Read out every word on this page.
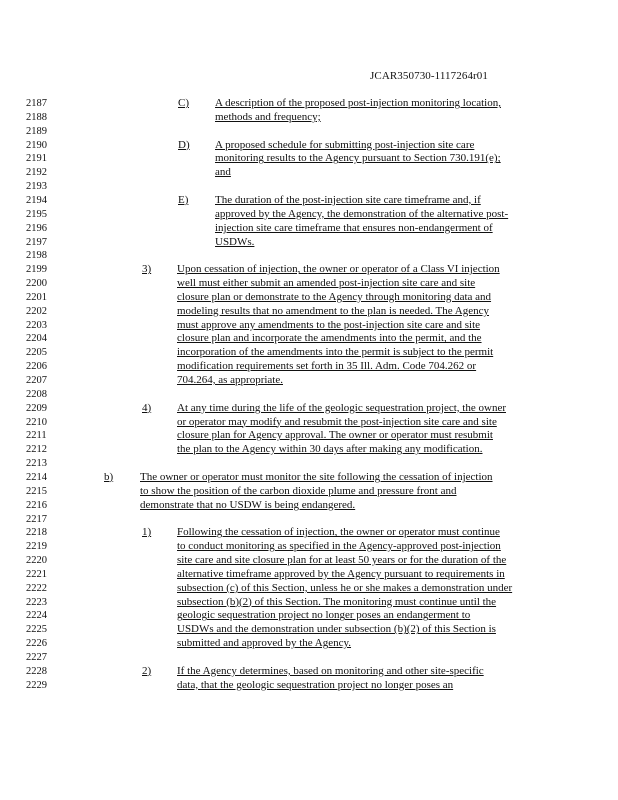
JCAR350730-1117264r01
2187	C) A description of the proposed post-injection monitoring location,
2188	methods and frequency;
2189
2190	D) A proposed schedule for submitting post-injection site care
2191	monitoring results to the Agency pursuant to Section 730.191(e);
2192	and
2193
2194	E) The duration of the post-injection site care timeframe and, if
2195	approved by the Agency, the demonstration of the alternative post-
2196	injection site care timeframe that ensures non-endangerment of
2197	USDWs.
2198
2199	3) Upon cessation of injection, the owner or operator of a Class VI injection
2200	well must either submit an amended post-injection site care and site
2201	closure plan or demonstrate to the Agency through monitoring data and
2202	modeling results that no amendment to the plan is needed. The Agency
2203	must approve any amendments to the post-injection site care and site
2204	closure plan and incorporate the amendments into the permit, and the
2205	incorporation of the amendments into the permit is subject to the permit
2206	modification requirements set forth in 35 Ill. Adm. Code 704.262 or
2207	704.264, as appropriate.
2208
2209	4) At any time during the life of the geologic sequestration project, the owner
2210	or operator may modify and resubmit the post-injection site care and site
2211	closure plan for Agency approval. The owner or operator must resubmit
2212	the plan to the Agency within 30 days after making any modification.
2213
2214	b) The owner or operator must monitor the site following the cessation of injection
2215	to show the position of the carbon dioxide plume and pressure front and
2216	demonstrate that no USDW is being endangered.
2217
2218	1) Following the cessation of injection, the owner or operator must continue
2219	to conduct monitoring as specified in the Agency-approved post-injection
2220	site care and site closure plan for at least 50 years or for the duration of the
2221	alternative timeframe approved by the Agency pursuant to requirements in
2222	subsection (c) of this Section, unless he or she makes a demonstration under
2223	subsection (b)(2) of this Section. The monitoring must continue until the
2224	geologic sequestration project no longer poses an endangerment to
2225	USDWs and the demonstration under subsection (b)(2) of this Section is
2226	submitted and approved by the Agency.
2227
2228	2) If the Agency determines, based on monitoring and other site-specific
2229	data, that the geologic sequestration project no longer poses an
